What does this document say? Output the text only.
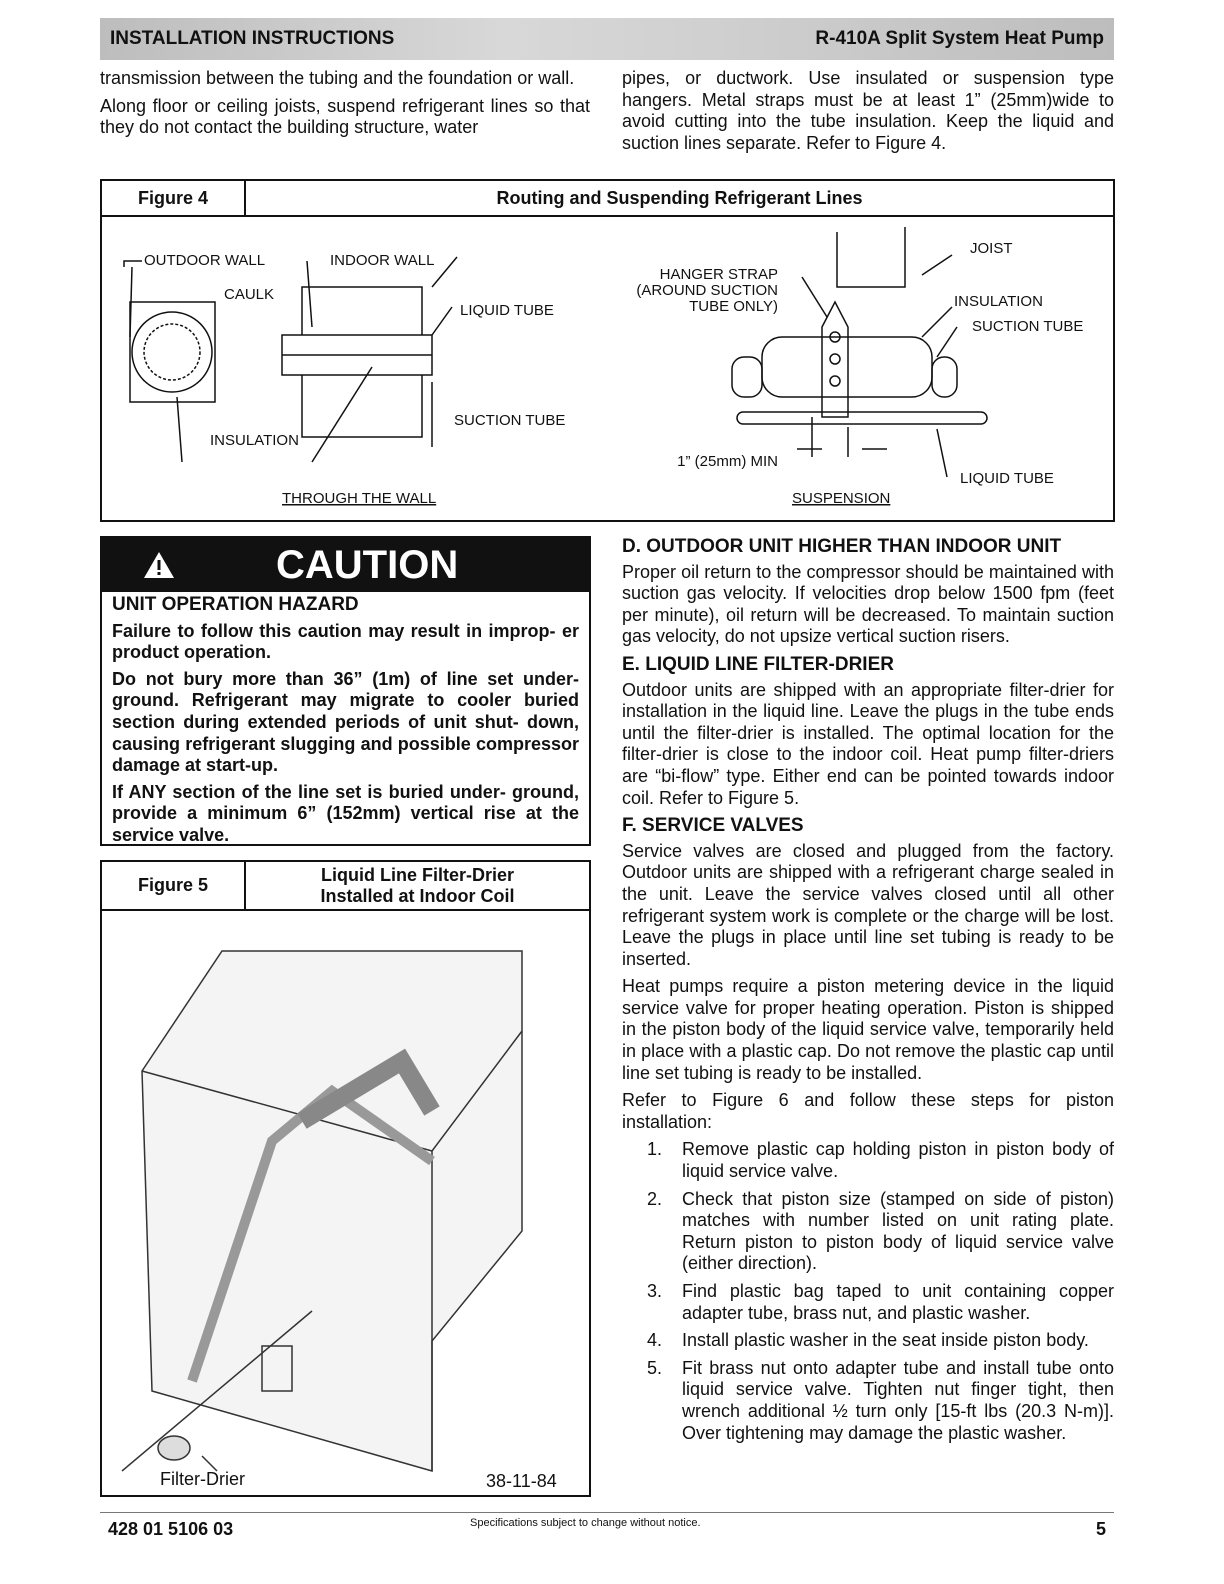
INSTALLATION INSTRUCTIONS	R-410A Split System Heat Pump

transmission between the tubing and the foundation or wall.

Along floor or ceiling joists, suspend refrigerant lines so that they do not contact the building structure, water

pipes, or ductwork. Use insulated or suspension type hangers. Metal straps must be at least 1” (25mm)wide to avoid cutting into the tube insulation. Keep the liquid and suction lines separate. Refer to Figure 4.

Figure 4	Routing and Suspending Refrigerant Lines
OUTDOOR WALL	INDOOR WALL
CAULK
LIQUID TUBE
SUCTION TUBE
INSULATION
THROUGH THE WALL
JOIST
HANGER STRAP
(AROUND SUCTION
TUBE ONLY)	INSULATION
SUCTION TUBE
1” (25mm) MIN
LIQUID TUBE
SUSPENSION
CAUTION

UNIT OPERATION HAZARD

Failure to follow this caution may result in improp- er product operation.

Do not bury more than 36” (1m) of line set under- ground. Refrigerant may migrate to cooler buried section during extended periods of unit shut- down, causing refrigerant slugging and possible compressor damage at start-up.

If ANY section of the line set is buried under- ground, provide a minimum 6” (152mm) vertical rise at the service valve.

Figure 5
Liquid Line Filter-Drier
Installed at Indoor Coil
Filter-Drier	38-11-84
D. OUTDOOR UNIT HIGHER THAN INDOOR UNIT

Proper oil return to the compressor should be maintained with suction gas velocity. If velocities drop below 1500 fpm (feet per minute), oil return will be decreased. To maintain suction gas velocity, do not upsize vertical suction risers.

E. LIQUID LINE FILTER-DRIER

Outdoor units are shipped with an appropriate filter-drier for installation in the liquid line. Leave the plugs in the tube ends until the filter-drier is installed. The optimal location for the filter-drier is close to the indoor coil. Heat pump filter-driers are “bi-flow” type. Either end can be pointed towards indoor coil. Refer to Figure 5.

F. SERVICE VALVES

Service valves are closed and plugged from the factory. Outdoor units are shipped with a refrigerant charge sealed in the unit. Leave the service valves closed until all other refrigerant system work is complete or the charge will be lost. Leave the plugs in place until line set tubing is ready to be inserted.

Heat pumps require a piston metering device in the liquid service valve for proper heating operation. Piston is shipped in the piston body of the liquid service valve, temporarily held in place with a plastic cap. Do not remove the plastic cap until line set tubing is ready to be installed.

Refer to Figure 6 and follow these steps for piston installation:

1.	Remove plastic cap holding piston in piston body of liquid service valve.
2.	Check that piston size (stamped on side of piston) matches with number listed on unit rating plate. Return piston to piston body of liquid service valve (either direction).
3.	Find plastic bag taped to unit containing copper adapter tube, brass nut, and plastic washer.
4.	Install plastic washer in the seat inside piston body.
5.	Fit brass nut onto adapter tube and install tube onto liquid service valve. Tighten nut finger tight, then wrench additional ½ turn only [15-ft lbs (20.3 N-m)]. Over tightening may damage the plastic washer.
428 01 5106 03	Specifications subject to change without notice.	5
